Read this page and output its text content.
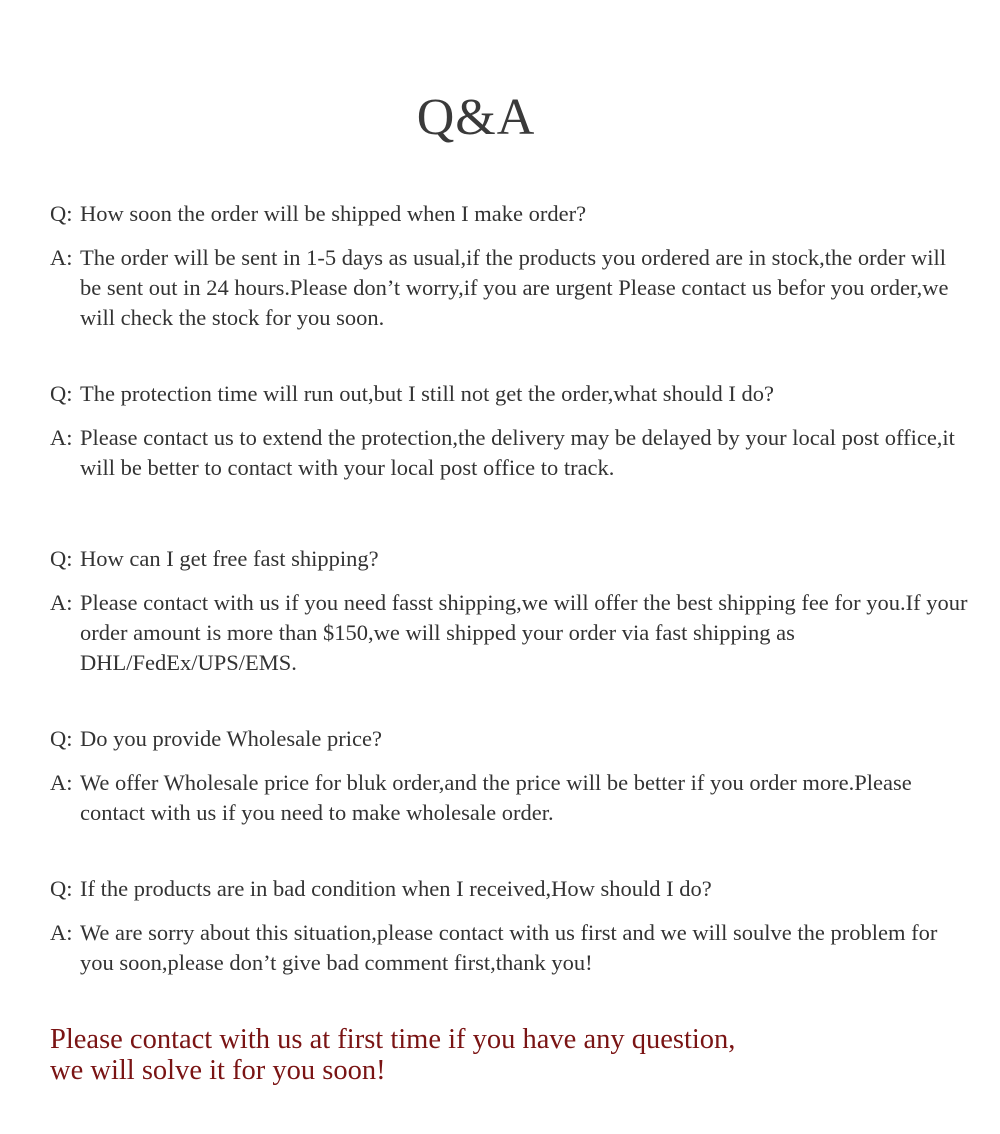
Q&A

Q: How soon the order will be shipped when I make order?

A: The order will be sent in 1-5 days as usual,if the products you ordered are in stock,the order will be sent out in 24 hours.Please don’t worry,if you are urgent Please contact us befor you order,we will check the stock for you soon.

Q: The protection time will run out,but I still not get the order,what should I do?

A: Please contact us to extend the protection,the delivery may be delayed by your local post office,it will be better to contact with your local post office to track.

Q: How can I get free fast shipping?

A: Please contact with us if you need fasst shipping,we will offer the best shipping fee for you.If your order amount is more than $150,we will shipped your order via fast shipping as DHL/FedEx/UPS/EMS.

Q: Do you provide Wholesale price?

A: We offer Wholesale price for bluk order,and the price will be better if you order more.Please contact with us if you need to make wholesale order.

Q: If the products are in bad condition when I received,How should I do?

A: We are sorry about this situation,please contact with us first and we will soulve the problem for you soon,please don’t give bad comment first,thank you!

Please contact with us at first time if you have any question,
we will solve it for you soon!
